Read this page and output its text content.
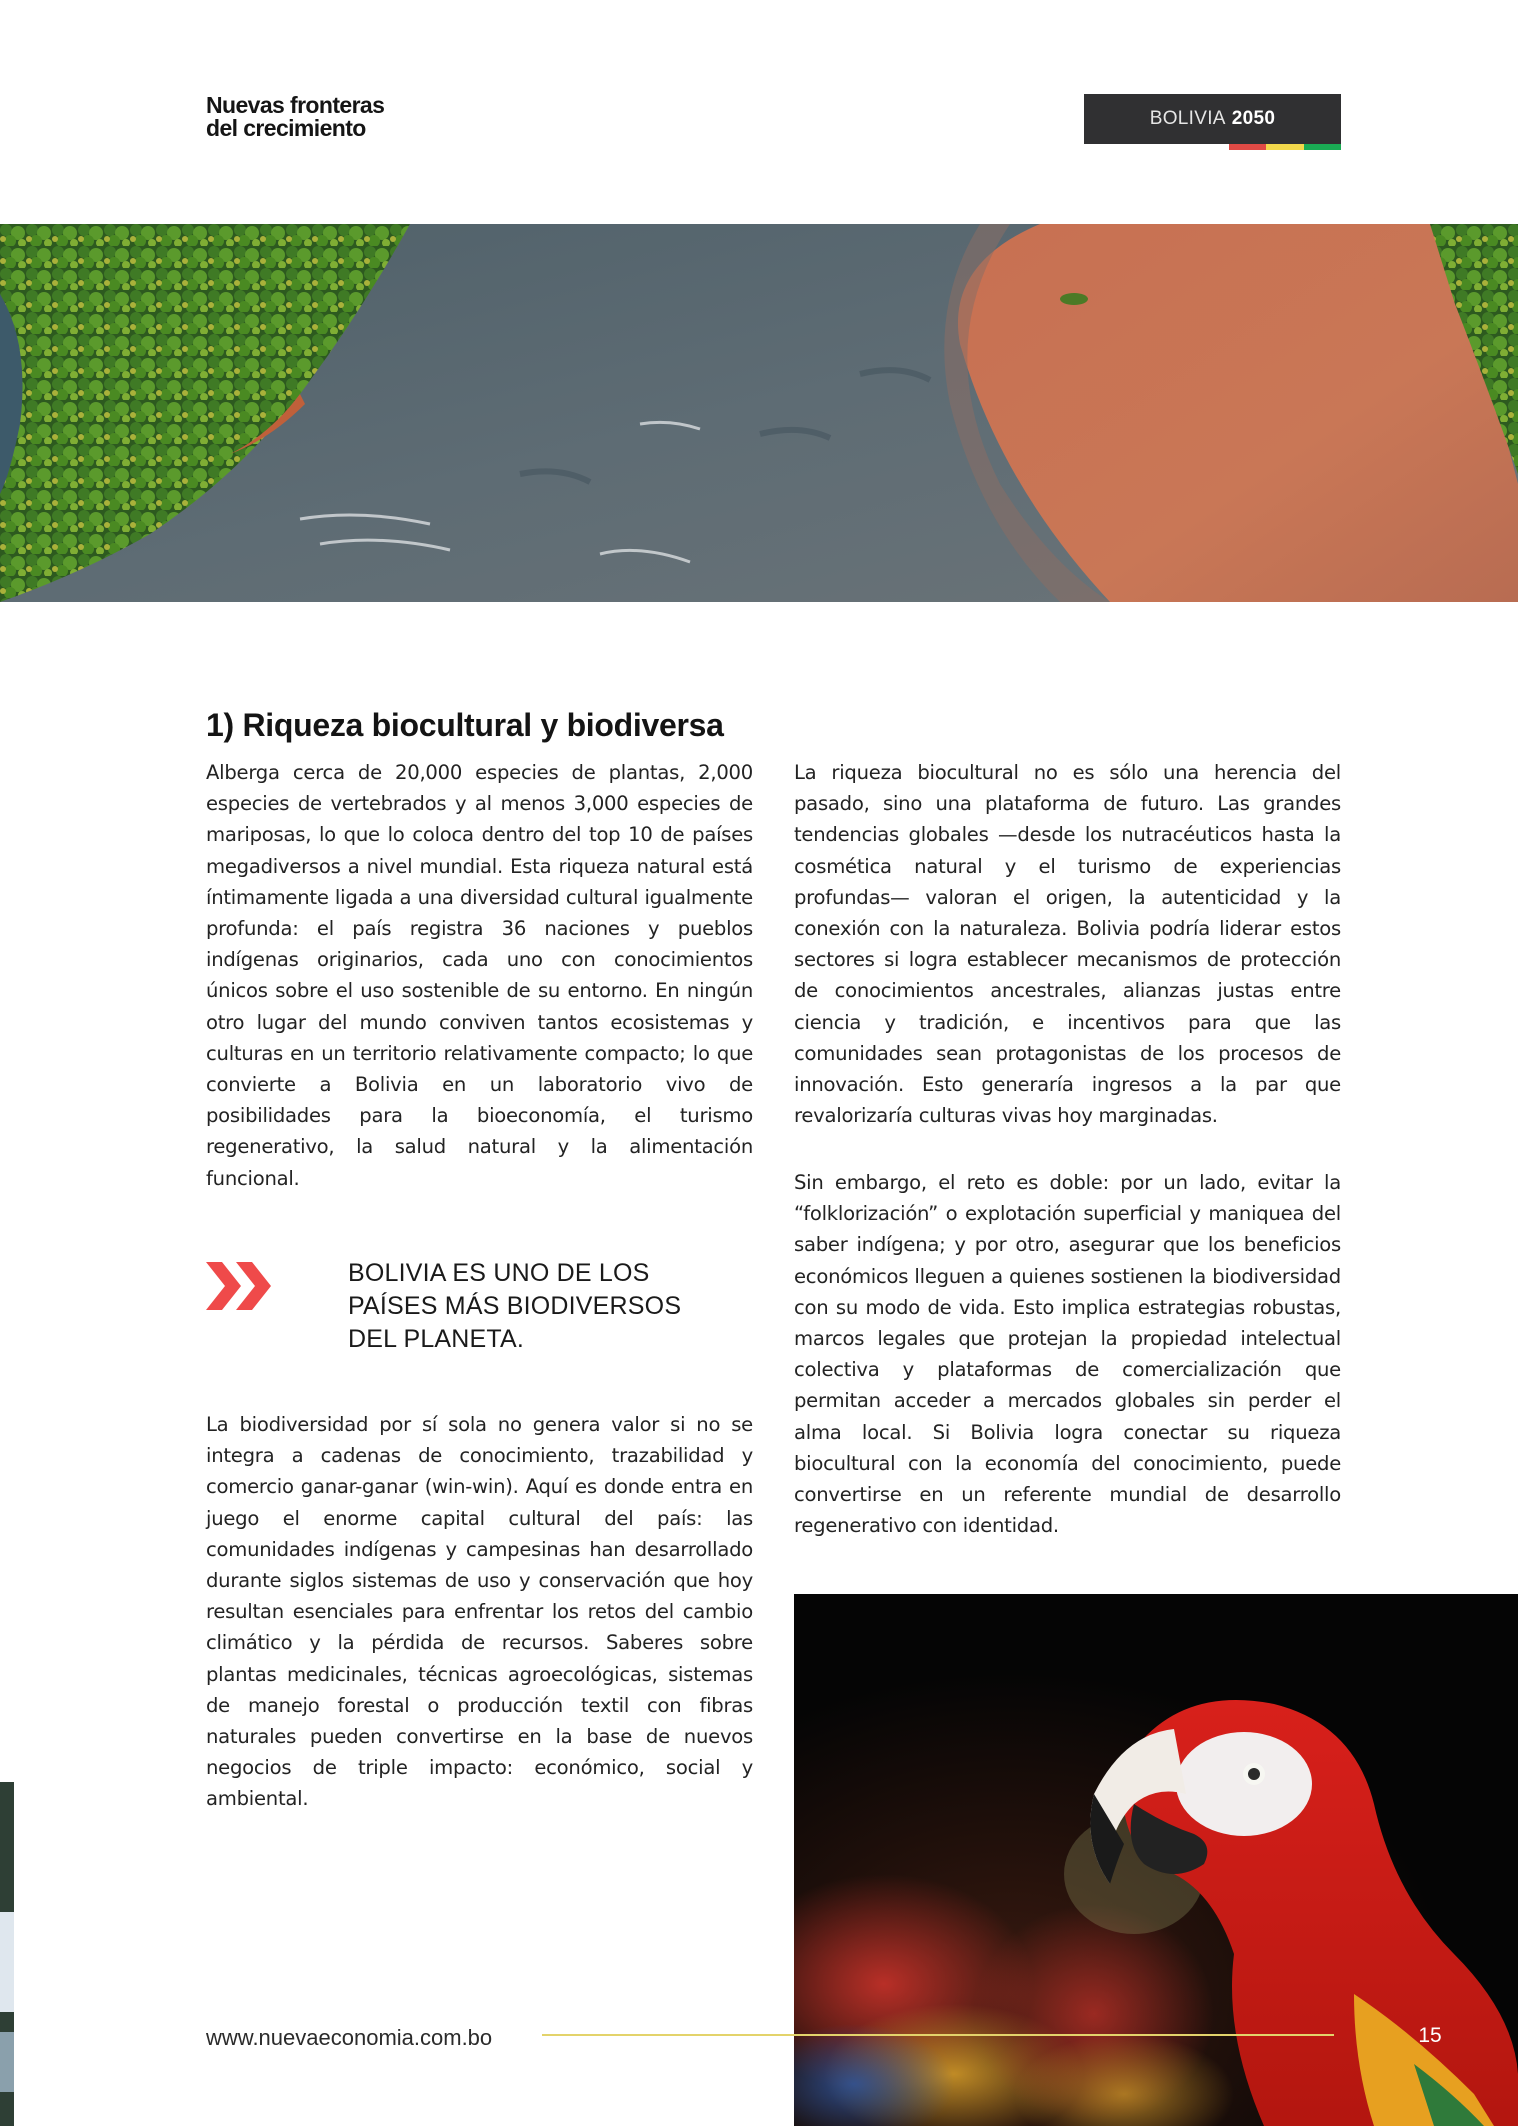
Nuevas fronteras
del crecimiento	BOLIVIA 2050
1) Riqueza biocultural y biodiversa

Alberga cerca de 20,000 especies de plantas, 2,000 especies de vertebrados y al menos 3,000 especies de mariposas, lo que lo coloca dentro del top 10 de países megadiversos a nivel mundial. Esta riqueza natural está íntimamente ligada a una diversidad cultural igualmente profunda: el país registra 36 naciones y pueblos indígenas originarios, cada uno con conocimientos únicos sobre el uso sostenible de su entorno. En ningún otro lugar del mundo conviven tantos ecosistemas y culturas en un territorio relativamente compacto; lo que convierte a Bolivia en un laboratorio vivo de posibilidades para la bioeconomía, el turismo regenerativo, la salud natural y la alimentación funcional.

BOLIVIA ES UNO DE LOS PAÍSES MÁS BIODIVERSOS DEL PLANETA.

La biodiversidad por sí sola no genera valor si no se integra a cadenas de conocimiento, trazabilidad y comercio ganar-ganar (win-win). Aquí es donde entra en juego el enorme capital cultural del país: las comunidades indígenas y campesinas han desarrollado durante siglos sistemas de uso y conservación que hoy resultan esenciales para enfrentar los retos del cambio climático y la pérdida de recursos. Saberes sobre plantas medicinales, técnicas agroecológicas, sistemas de manejo forestal o producción textil con fibras naturales pueden convertirse en la base de nuevos negocios de triple impacto: económico, social y ambiental.

La riqueza biocultural no es sólo una herencia del pasado, sino una plataforma de futuro. Las grandes tendencias globales —desde los nutracéuticos hasta la cosmética natural y el turismo de experiencias profundas— valoran el origen, la autenticidad y la conexión con la naturaleza. Bolivia podría liderar estos sectores si logra establecer mecanismos de protección de conocimientos ancestrales, alianzas justas entre ciencia y tradición, e incentivos para que las comunidades sean protagonistas de los procesos de innovación. Esto generaría ingresos a la par que revalorizaría culturas vivas hoy marginadas.

Sin embargo, el reto es doble: por un lado, evitar la “folklorización” o explotación superficial y maniquea del saber indígena; y por otro, asegurar que los beneficios económicos lleguen a quienes sostienen la biodiversidad con su modo de vida. Esto implica estrategias robustas, marcos legales que protejan la propiedad intelectual colectiva y plataformas de comercialización que permitan acceder a mercados globales sin perder el alma local. Si Bolivia logra conectar su riqueza biocultural con la economía del conocimiento, puede convertirse en un referente mundial de desarrollo regenerativo con identidad.

www.nuevaeconomia.com.bo	15
